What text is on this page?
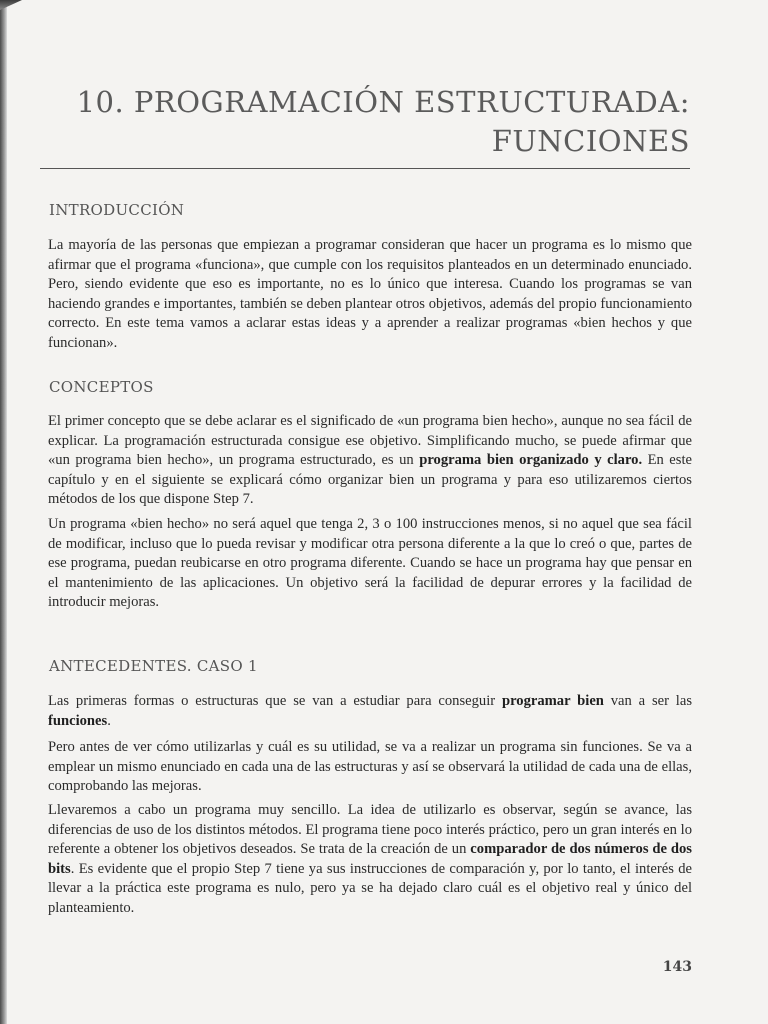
10. PROGRAMACIÓN ESTRUCTURADA:
FUNCIONES
INTRODUCCIÓN

La mayoría de las personas que empiezan a programar consideran que hacer un programa es lo mismo que afirmar que el programa «funciona», que cumple con los requisitos planteados en un determinado enunciado. Pero, siendo evidente que eso es importante, no es lo único que interesa. Cuando los programas se van haciendo grandes e importantes, también se deben plantear otros objetivos, además del propio funcionamiento correcto. En este tema vamos a aclarar estas ideas y a aprender a realizar programas «bien hechos y que funcionan».

CONCEPTOS

El primer concepto que se debe aclarar es el significado de «un programa bien hecho», aunque no sea fácil de explicar. La programación estructurada consigue ese objetivo. Simplificando mucho, se puede afirmar que «un programa bien hecho», un programa estructurado, es un programa bien organizado y claro. En este capítulo y en el siguiente se explicará cómo organizar bien un programa y para eso utilizaremos ciertos métodos de los que dispone Step 7.

Un programa «bien hecho» no será aquel que tenga 2, 3 o 100 instrucciones menos, si no aquel que sea fácil de modificar, incluso que lo pueda revisar y modificar otra persona diferente a la que lo creó o que, partes de ese programa, puedan reubicarse en otro programa diferente. Cuando se hace un programa hay que pensar en el mantenimiento de las aplicaciones. Un objetivo será la facilidad de depurar errores y la facilidad de introducir mejoras.

ANTECEDENTES. CASO 1

Las primeras formas o estructuras que se van a estudiar para conseguir programar bien van a ser las funciones.

Pero antes de ver cómo utilizarlas y cuál es su utilidad, se va a realizar un programa sin funciones. Se va a emplear un mismo enunciado en cada una de las estructuras y así se observará la utilidad de cada una de ellas, comprobando las mejoras.

Llevaremos a cabo un programa muy sencillo. La idea de utilizarlo es observar, según se avance, las diferencias de uso de los distintos métodos. El programa tiene poco interés práctico, pero un gran interés en lo referente a obtener los objetivos deseados. Se trata de la creación de un comparador de dos números de dos bits. Es evidente que el propio Step 7 tiene ya sus instrucciones de comparación y, por lo tanto, el interés de llevar a la práctica este programa es nulo, pero ya se ha dejado claro cuál es el objetivo real y único del planteamiento.

143
